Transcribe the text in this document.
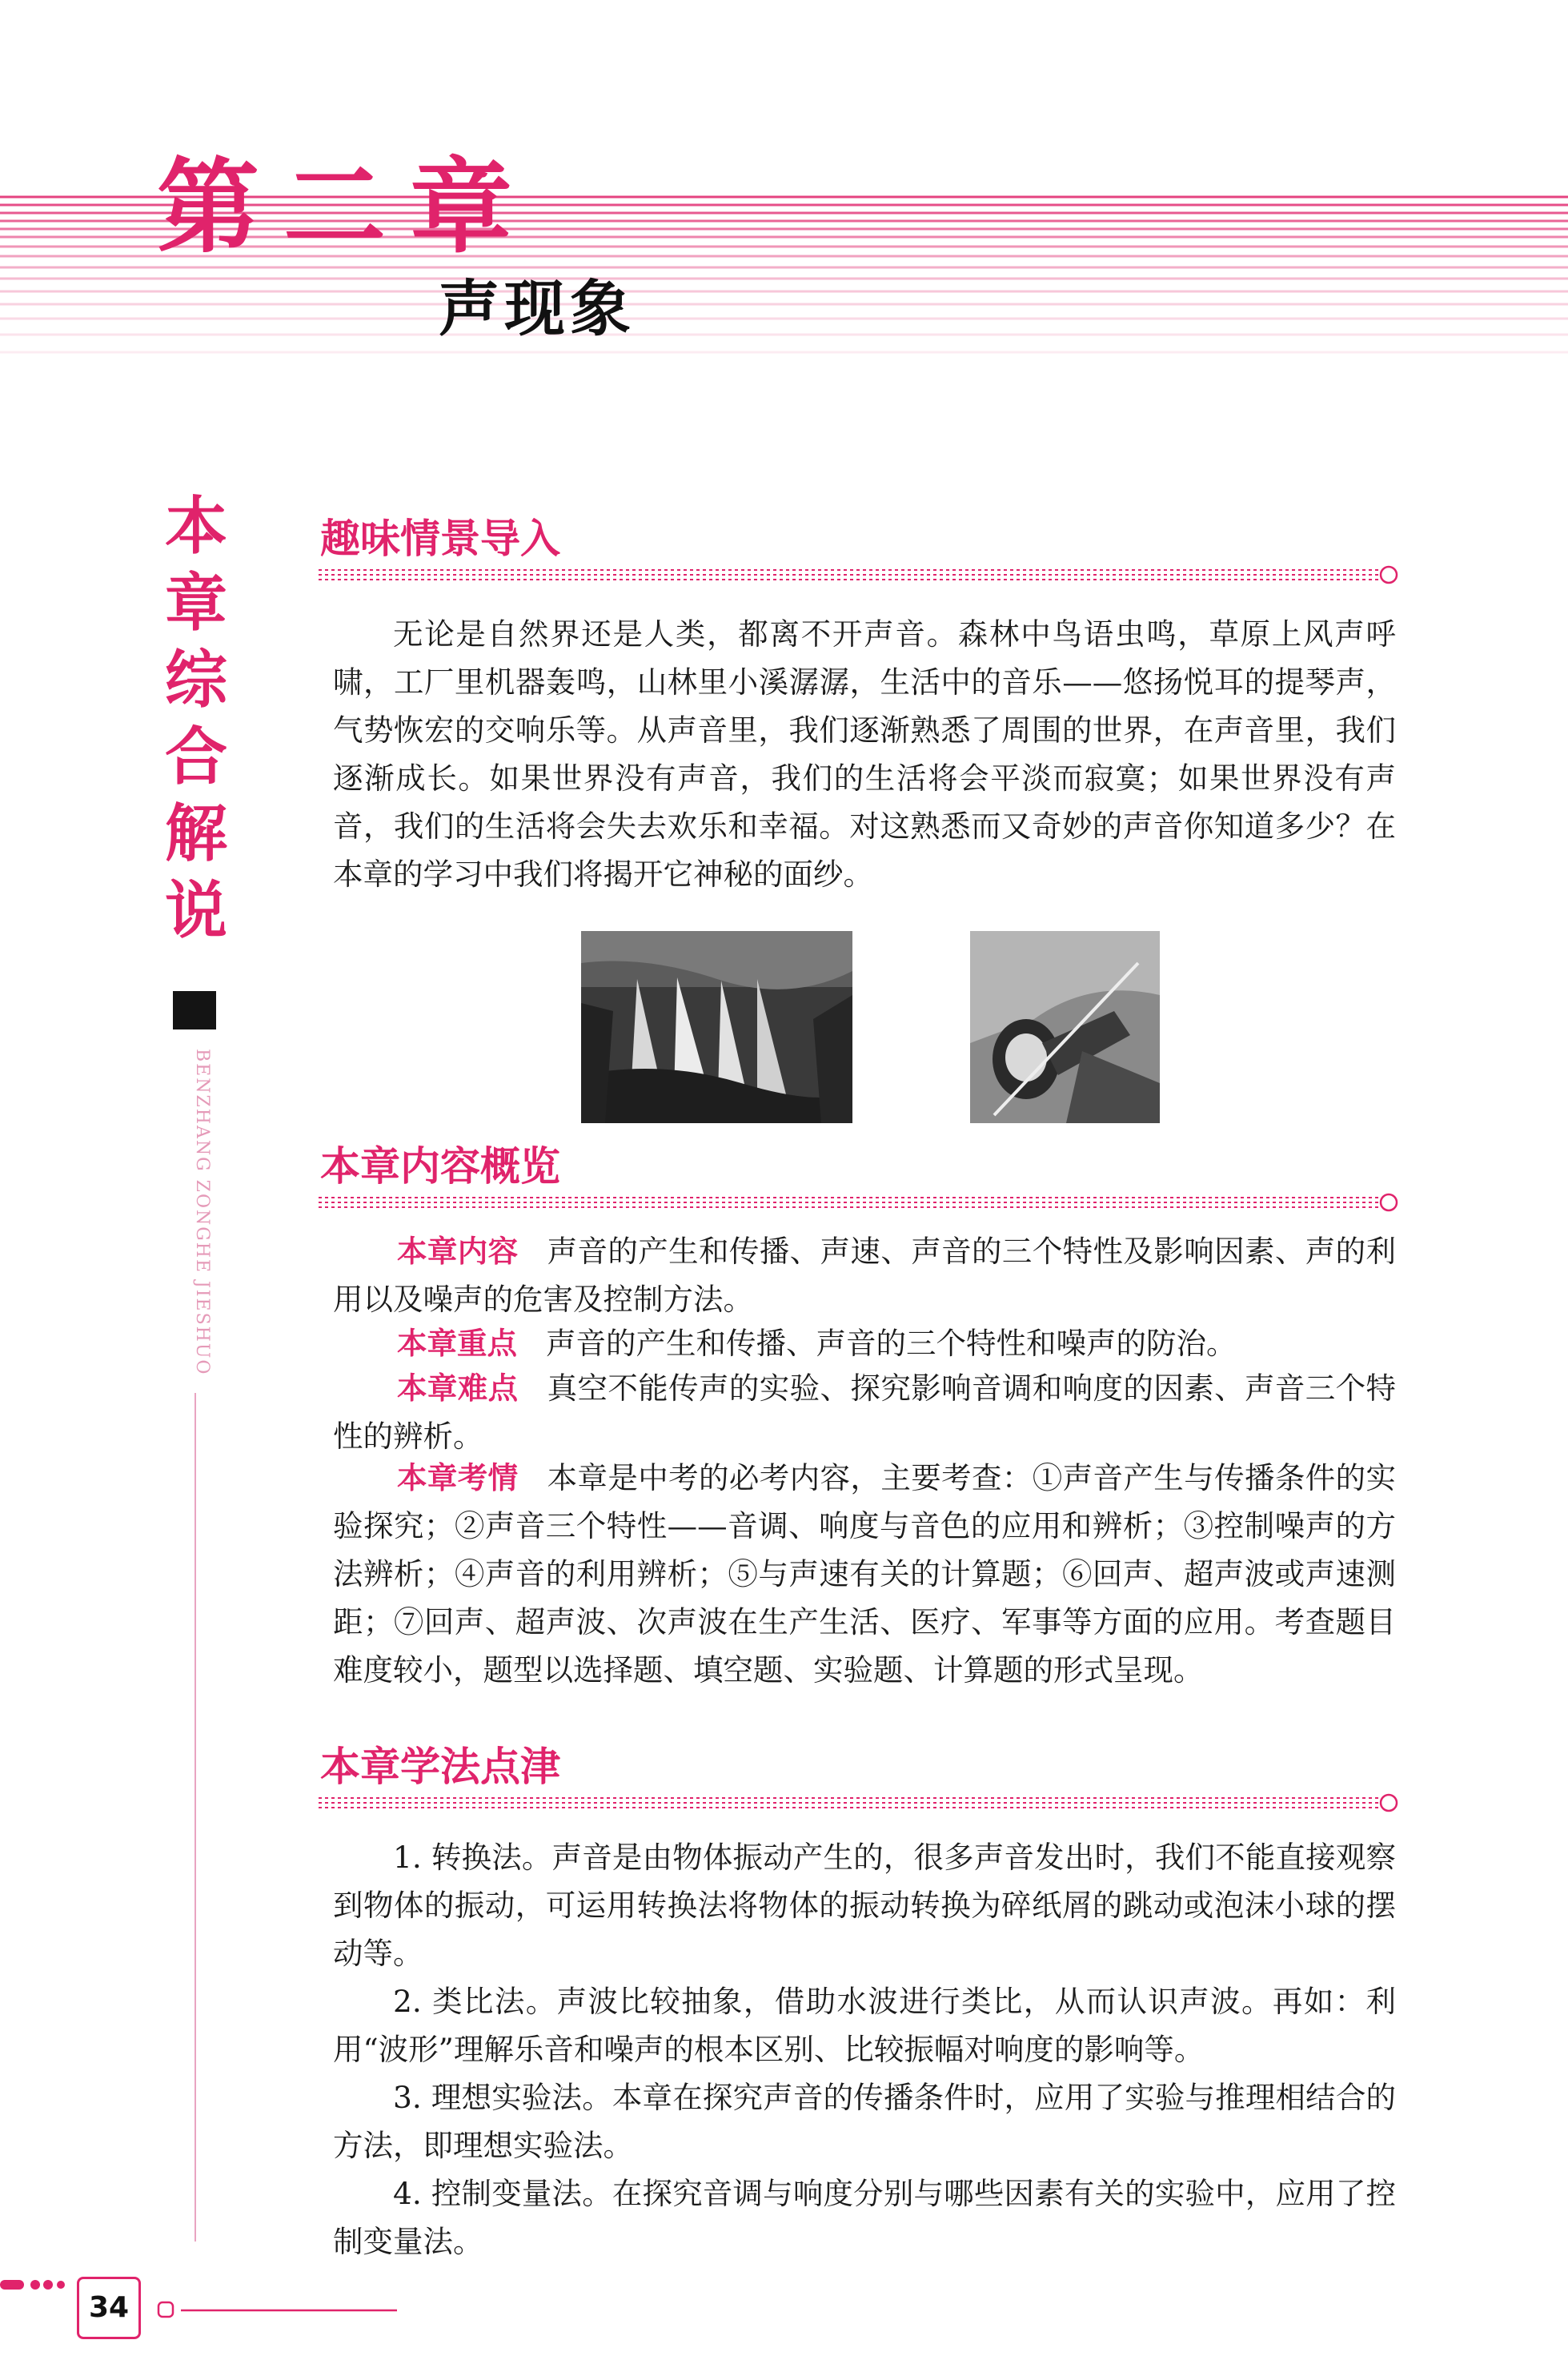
第二章
声现象
本
章
综
合
解
说
BENZHANG ZONGHE JIESHUO
趣味情景导入

无论是自然界还是人类，都离不开声音。森林中鸟语虫鸣，草原上风声呼啸，工厂里机器轰鸣，山林里小溪潺潺，生活中的音乐——悠扬悦耳的提琴声，气势恢宏的交响乐等。从声音里，我们逐渐熟悉了周围的世界，在声音里，我们逐渐成长。如果世界没有声音，我们的生活将会平淡而寂寞；如果世界没有声音，我们的生活将会失去欢乐和幸福。对这熟悉而又奇妙的声音你知道多少？在本章的学习中我们将揭开它神秘的面纱。

本章内容概览

本章内容 声音的产生和传播、声速、声音的三个特性及影响因素、声的利用以及噪声的危害及控制方法。

本章重点 声音的产生和传播、声音的三个特性和噪声的防治。

本章难点 真空不能传声的实验、探究影响音调和响度的因素、声音三个特性的辨析。

本章考情 本章是中考的必考内容，主要考查：①声音产生与传播条件的实验探究；②声音三个特性——音调、响度与音色的应用和辨析；③控制噪声的方法辨析；④声音的利用辨析；⑤与声速有关的计算题；⑥回声、超声波或声速测距；⑦回声、超声波、次声波在生产生活、医疗、军事等方面的应用。考查题目难度较小，题型以选择题、填空题、实验题、计算题的形式呈现。

本章学法点津

1. 转换法。声音是由物体振动产生的，很多声音发出时，我们不能直接观察到物体的振动，可运用转换法将物体的振动转换为碎纸屑的跳动或泡沫小球的摆动等。

2. 类比法。声波比较抽象，借助水波进行类比，从而认识声波。再如：利用“波形”理解乐音和噪声的根本区别、比较振幅对响度的影响等。

3. 理想实验法。本章在探究声音的传播条件时，应用了实验与推理相结合的方法，即理想实验法。

4. 控制变量法。在探究音调与响度分别与哪些因素有关的实验中，应用了控制变量法。

34
